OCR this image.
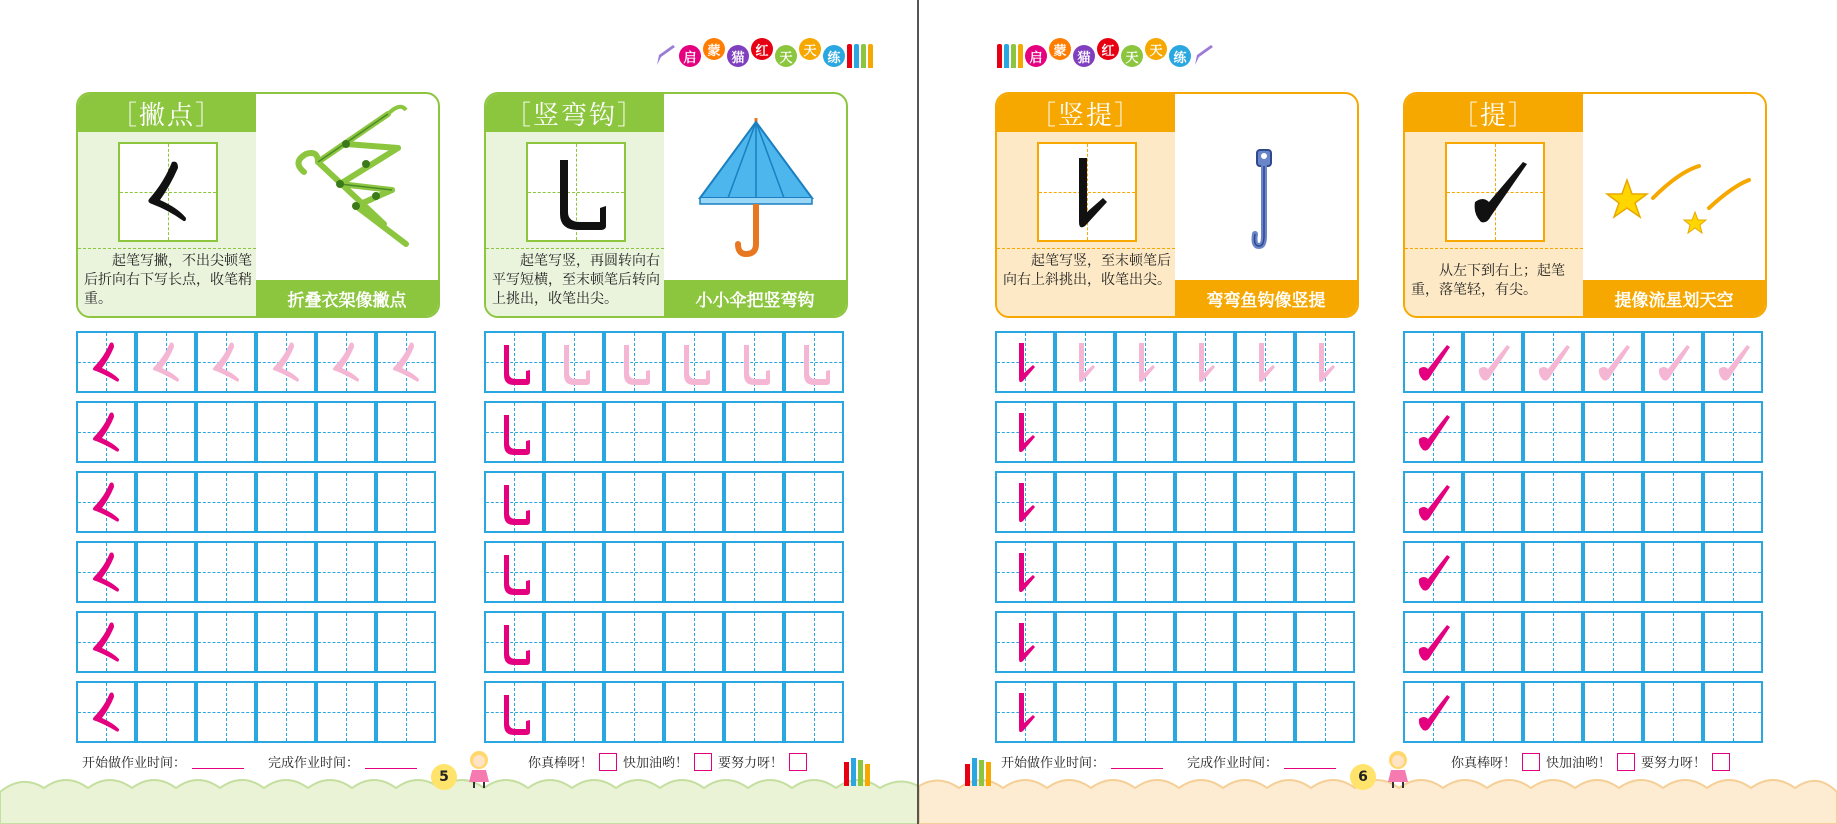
启 蒙 猫 红 天 天 练
［撇点］
起笔写撇，不出尖顿笔后折向右下写长点，收笔稍重。	折叠衣架像撇点
［竖弯钩］
起笔写竖，再圆转向右平写短横，至末顿笔后转向上挑出，收笔出尖。	小小伞把竖弯钩
开始做作业时间：	完成作业时间：
5
你真棒呀！ 快加油哟！ 要努力呀！
启 蒙 猫 红 天 天 练
［竖提］
起笔写竖，至末顿笔后向右上斜挑出，收笔出尖。
弯弯鱼钩像竖提
［提］
从左下到右上；起笔重，落笔轻，有尖。
提像流星划天空
开始做作业时间：	完成作业时间：
6
你真棒呀！ 快加油哟！ 要努力呀！
